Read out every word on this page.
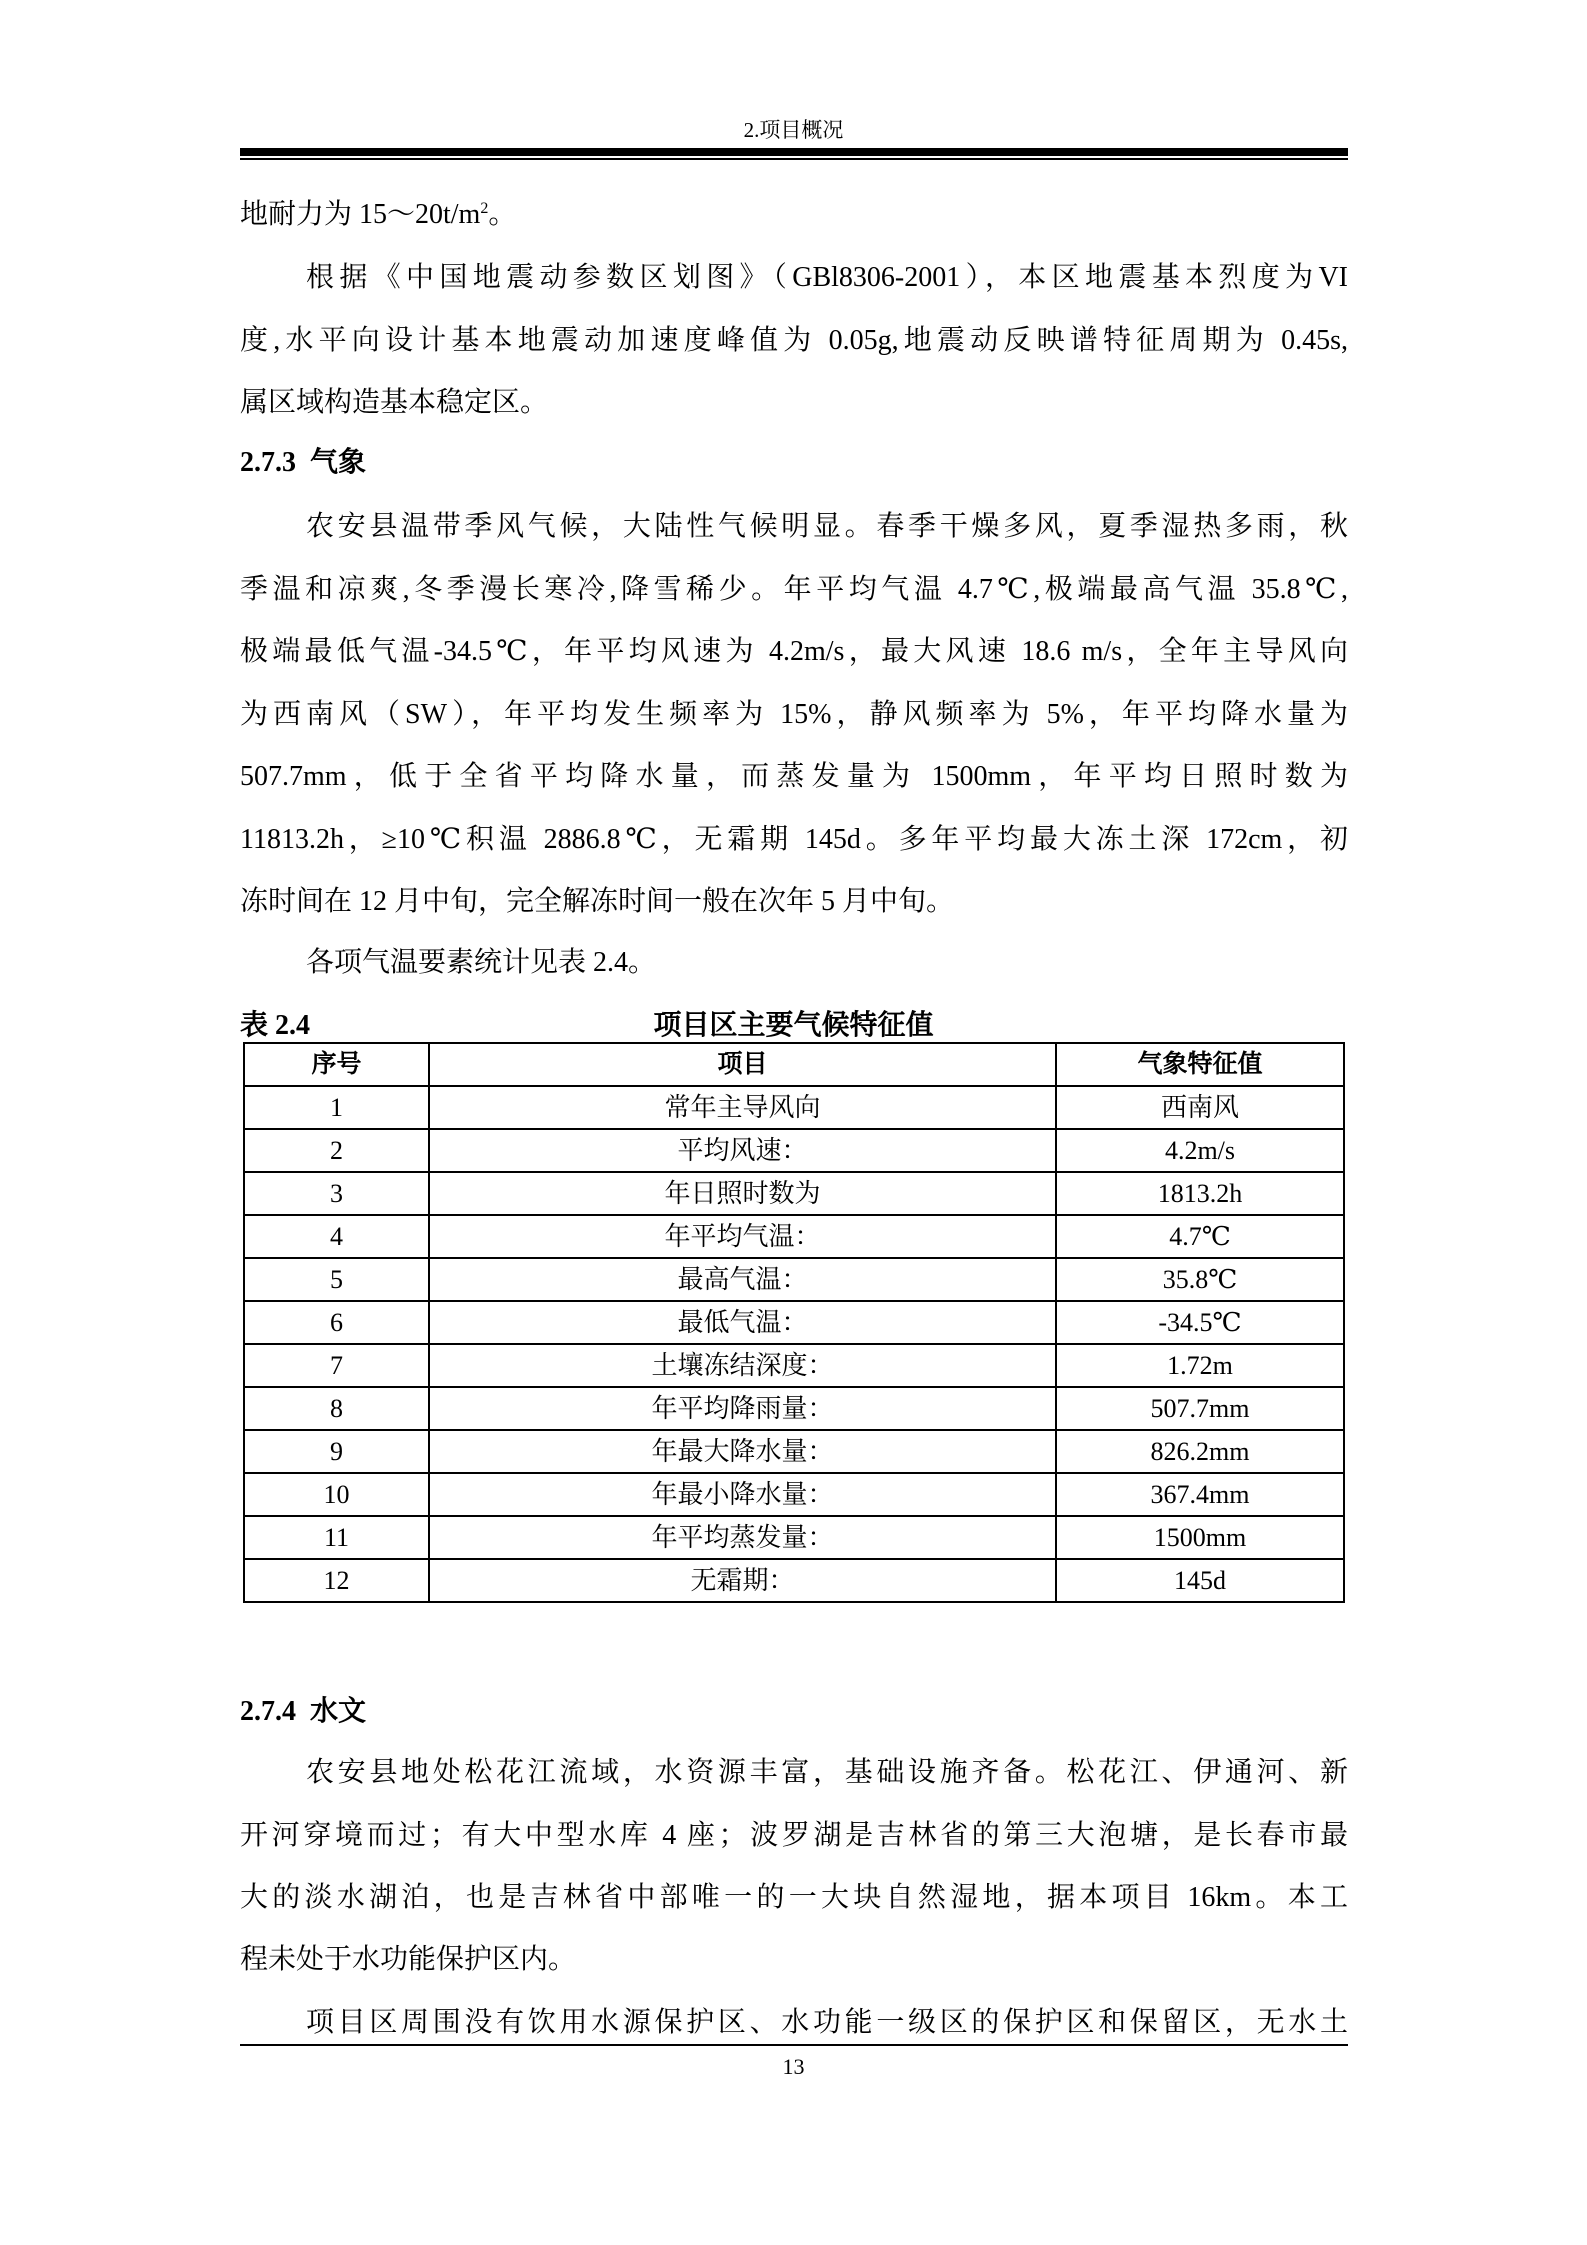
2.项目概况
地耐力为 $15\sim 20t/m^2$。
根据《中国地震动参数区划图》（GBl8306-2001），本区地震基本烈度为VI
度,水平向设计基本地震动加速度峰值为 0.05g,地震动反映谱特征周期为 0.45s,
属区域构造基本稳定区。
2.7.3 气象
农安县温带季风气候，大陆性气候明显。春季干燥多风，夏季湿热多雨，秋
季温和凉爽,冬季漫长寒冷,降雪稀少。年平均气温 4.7℃,极端最高气温 35.8℃,
极端最低气温-34.5℃，年平均风速为 4.2m/s，最大风速 18.6 m/s，全年主导风向
为西南风（SW），年平均发生频率为 15%，静风频率为 5%，年平均降水量为
507.7mm，低于全省平均降水量，而蒸发量为 1500mm，年平均日照时数为
11813.2h，≥10℃积温 2886.8℃，无霜期 145d。多年平均最大冻土深 172cm，初
冻时间在 12 月中旬，完全解冻时间一般在次年 5 月中旬。
各项气温要素统计见表 2.4。
表 2.4	项目区主要气候特征值
序号	项目	气象特征值
1	常年主导风向	西南风
2	平均风速：	4.2m/s
3	年日照时数为	1813.2h
4	年平均气温：	4.7℃
5	最高气温：	35.8℃
6	最低气温：	-34.5℃
7	土壤冻结深度：	1.72m
8	年平均降雨量：	507.7mm
9	年最大降水量：	826.2mm
10	年最小降水量：	367.4mm
11	年平均蒸发量：	1500mm
12	无霜期：	145d
2.7.4 水文
农安县地处松花江流域，水资源丰富，基础设施齐备。松花江、伊通河、新
开河穿境而过；有大中型水库 4 座；波罗湖是吉林省的第三大泡塘，是长春市最
大的淡水湖泊，也是吉林省中部唯一的一大块自然湿地，据本项目 16km。本工
程未处于水功能保护区内。
项目区周围没有饮用水源保护区、水功能一级区的保护区和保留区，无水土
13
